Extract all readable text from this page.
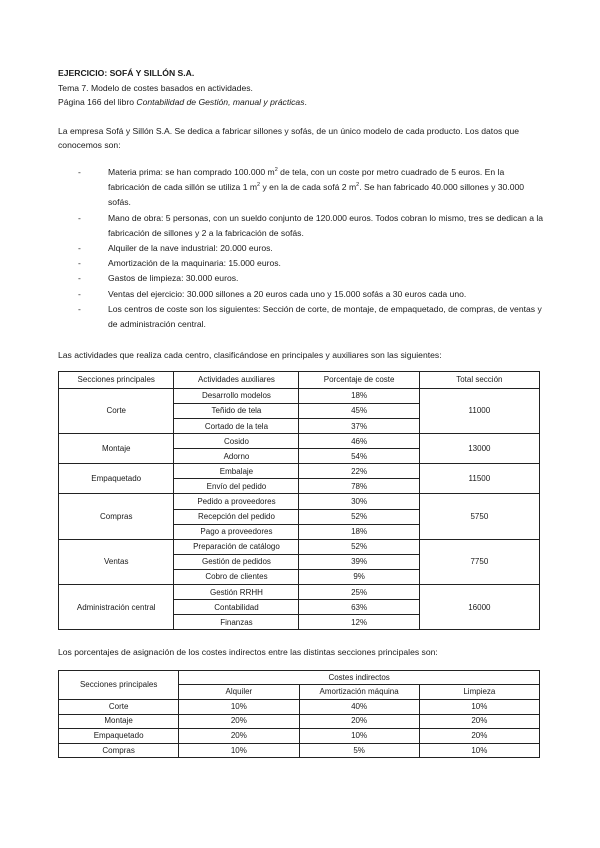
EJERCICIO: SOFÁ Y SILLÓN S.A.
Tema 7. Modelo de costes basados en actividades.
Página 166 del libro Contabilidad de Gestión, manual y prácticas.
La empresa Sofá y Sillón S.A. Se dedica a fabricar sillones y sofás, de un único modelo de cada producto. Los datos que conocemos son:
-	Materia prima: se han comprado 100.000 $m^2$ de tela, con un coste por metro cuadrado de 5 euros. En la fabricación de cada sillón se utiliza 1 $m^2$ y en la de cada sofá 2 $m^2$. Se han fabricado 40.000 sillones y 30.000 sofás.
-	Mano de obra: 5 personas, con un sueldo conjunto de 120.000 euros. Todos cobran lo mismo, tres se dedican a la fabricación de sillones y 2 a la fabricación de sofás.
-	Alquiler de la nave industrial: 20.000 euros.
-	Amortización de la maquinaria: 15.000 euros.
-	Gastos de limpieza: 30.000 euros.
-	Ventas del ejercicio: 30.000 sillones a 20 euros cada uno y 15.000 sofás a 30 euros cada uno.
-	Los centros de coste son los siguientes: Sección de corte, de montaje, de empaquetado, de compras, de ventas y de administración central.
Las actividades que realiza cada centro, clasificándose en principales y auxiliares son las siguientes:
Secciones principales	Actividades auxiliares	Porcentaje de coste	Total sección
Corte	Desarrollo modelos	18%	11000
	Teñido de tela	45%	
	Cortado de la tela	37%	
Montaje	Cosido	46%	13000
	Adorno	54%	
Empaquetado	Embalaje	22%	11500
	Envío del pedido	78%	
Compras	Pedido a proveedores	30%	5750
	Recepción del pedido	52%	
	Pago a proveedores	18%	
Ventas	Preparación de catálogo	52%	7750
	Gestión de pedidos	39%	
	Cobro de clientes	9%	
Administración central	Gestión RRHH	25%	16000
	Contabilidad	63%	
	Finanzas	12%	
Los porcentajes de asignación de los costes indirectos entre las distintas secciones principales son:
Secciones principales	Costes indirectos		
	Alquiler	Amortización máquina	Limpieza
Corte	10%	40%	10%
Montaje	20%	20%	20%
Empaquetado	20%	10%	20%
Compras	10%	5%	10%
